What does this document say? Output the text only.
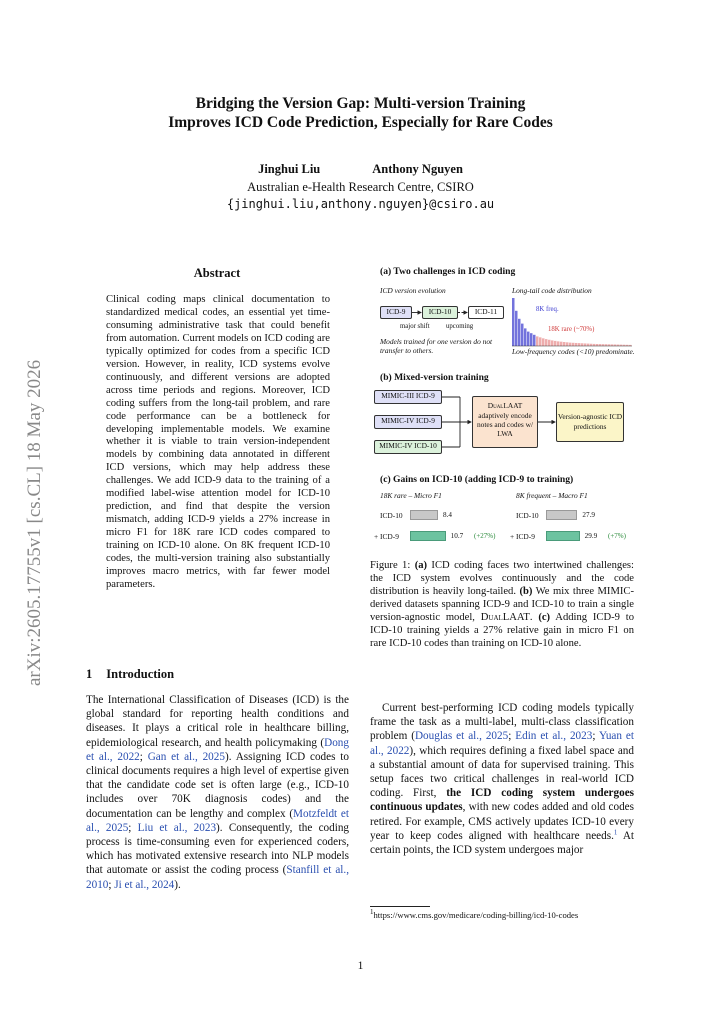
Bridging the Version Gap: Multi-version Training
Improves ICD Code Prediction, Especially for Rare Codes
Jinghui Liu	Anthony Nguyen
Australian e-Health Research Centre, CSIRO
{jinghui.liu,anthony.nguyen}@csiro.au
arXiv:2605.17755v1 [cs.CL] 18 May 2026
Abstract
Clinical coding maps clinical documentation to standardized medical codes, an essential yet time-consuming administrative task that could benefit from automation. Current models on ICD coding are typically optimized for codes from a specific ICD version. However, in reality, ICD systems evolve continuously, and different versions are adopted across time periods and regions. Moreover, ICD coding suffers from the long-tail problem, and rare code performance can be a bottleneck for developing implementable models. We examine whether it is viable to train version-independent models by combining data annotated in different ICD versions, which may help address these challenges. We add ICD-9 data to the training of a modified label-wise attention model for ICD-10 prediction, and find that despite the version mismatch, adding ICD-9 yields a 27% increase in micro F1 for 18K rare ICD codes compared to training on ICD-10 alone. On 8K frequent ICD-10 codes, the multi-version training also substantially improves macro metrics, with far fewer model parameters.
1 Introduction

The International Classification of Diseases (ICD) is the global standard for reporting health conditions and diseases. It plays a critical role in healthcare billing, epidemiological research, and health policymaking (Dong et al., 2022; Gan et al., 2025). Assigning ICD codes to clinical documents requires a high level of expertise given that the candidate code set is often large (e.g., ICD-10 includes over 70K diagnosis codes) and the documentation can be lengthy and complex (Motzfeldt et al., 2025; Liu et al., 2023). Consequently, the coding process is time-consuming even for experienced coders, which has motivated extensive research into NLP models that automate or assist the coding process (Stanfill et al., 2010; Ji et al., 2024).

(a) Two challenges in ICD coding
ICD version evolution	Long-tail code distribution
ICD-9	ICD-10	ICD-11
major shift upcoming
Models trained for one version do not transfer to others.
8K freq.
18K rare (~70%)
Low-frequency codes (<10) predominate.
(b) Mixed-version training
MIMIC-III ICD-9
MIMIC-IV ICD-9
MIMIC-IV ICD-10
DualLAAT
adaptively encode notes and codes w/ LWA
Version-agnostic ICD predictions
(c) Gains on ICD-10 (adding ICD-9 to training)
18K rare – Micro F1	8K frequent – Macro F1
ICD-10
+ ICD-9
ICD-10
+ ICD-9
8.4
10.7
27.9
29.9
(+27%)	(+7%)
Figure 1: (a) ICD coding faces two intertwined challenges: the ICD system evolves continuously and the code distribution is heavily long-tailed. (b) We mix three MIMIC-derived datasets spanning ICD-9 and ICD-10 to train a single version-agnostic model, DualLAAT. (c) Adding ICD-9 to ICD-10 training yields a 27% relative gain in micro F1 on rare ICD-10 codes than training on ICD-10 alone.

Current best-performing ICD coding models typically frame the task as a multi-label, multi-class classification problem (Douglas et al., 2025; Edin et al., 2023; Yuan et al., 2022), which requires defining a fixed label space and a substantial amount of data for supervised training. This setup faces two critical challenges in real-world ICD coding. First, the ICD coding system undergoes continuous updates, with new codes added and old codes retired. For example, CMS actively updates ICD-10 every year to keep codes aligned with healthcare needs.$^1$ At certain points, the ICD system undergoes major

$^1$https://www.cms.gov/medicare/coding-billing/icd-10-codes
1
